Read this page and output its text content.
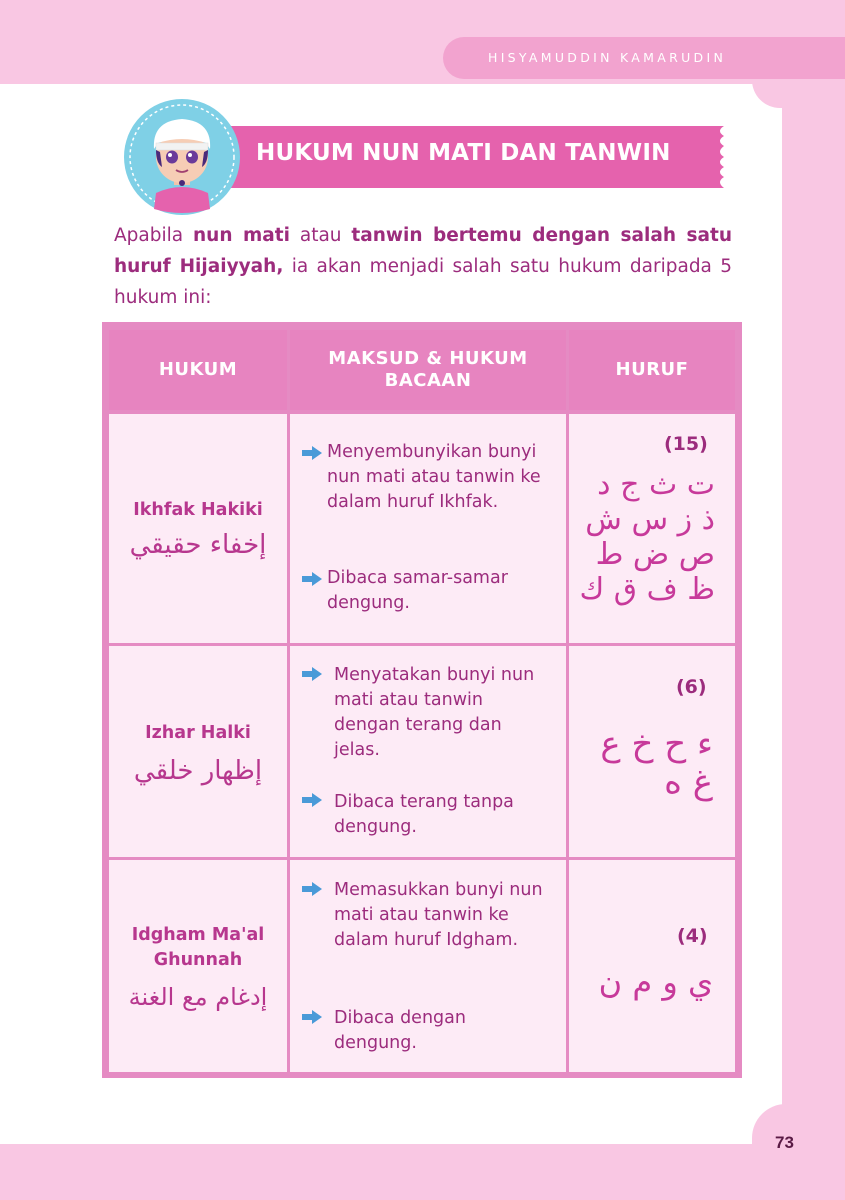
HISYAMUDDIN KAMARUDIN
HUKUM NUN MATI DAN TANWIN
Apabila nun mati atau tanwin bertemu dengan salah satu huruf Hijaiyyah, ia akan menjadi salah satu hukum daripada 5 hukum ini:
HUKUM
MAKSUD & HUKUM BACAAN
HURUF
Ikhfak Hakiki
إخفاء حقيقي
Menyembunyikan bunyi nun mati atau tanwin ke dalam huruf Ikhfak.
Dibaca samar-samar dengung.
(15)
ت ث ج د
ذ ز س ش
ص ض ط
ظ ف ق ك
Izhar Halki
إظهار خلقي
Menyatakan bunyi nun mati atau tanwin dengan terang dan jelas.
Dibaca terang tanpa dengung.
(6)
ء ح خ ع
غ ه
Idgham Ma'al Ghunnah
إدغام مع الغنة
Memasukkan bunyi nun mati atau tanwin ke dalam huruf Idgham.
Dibaca dengan dengung.
(4)
ي و م ن
73
